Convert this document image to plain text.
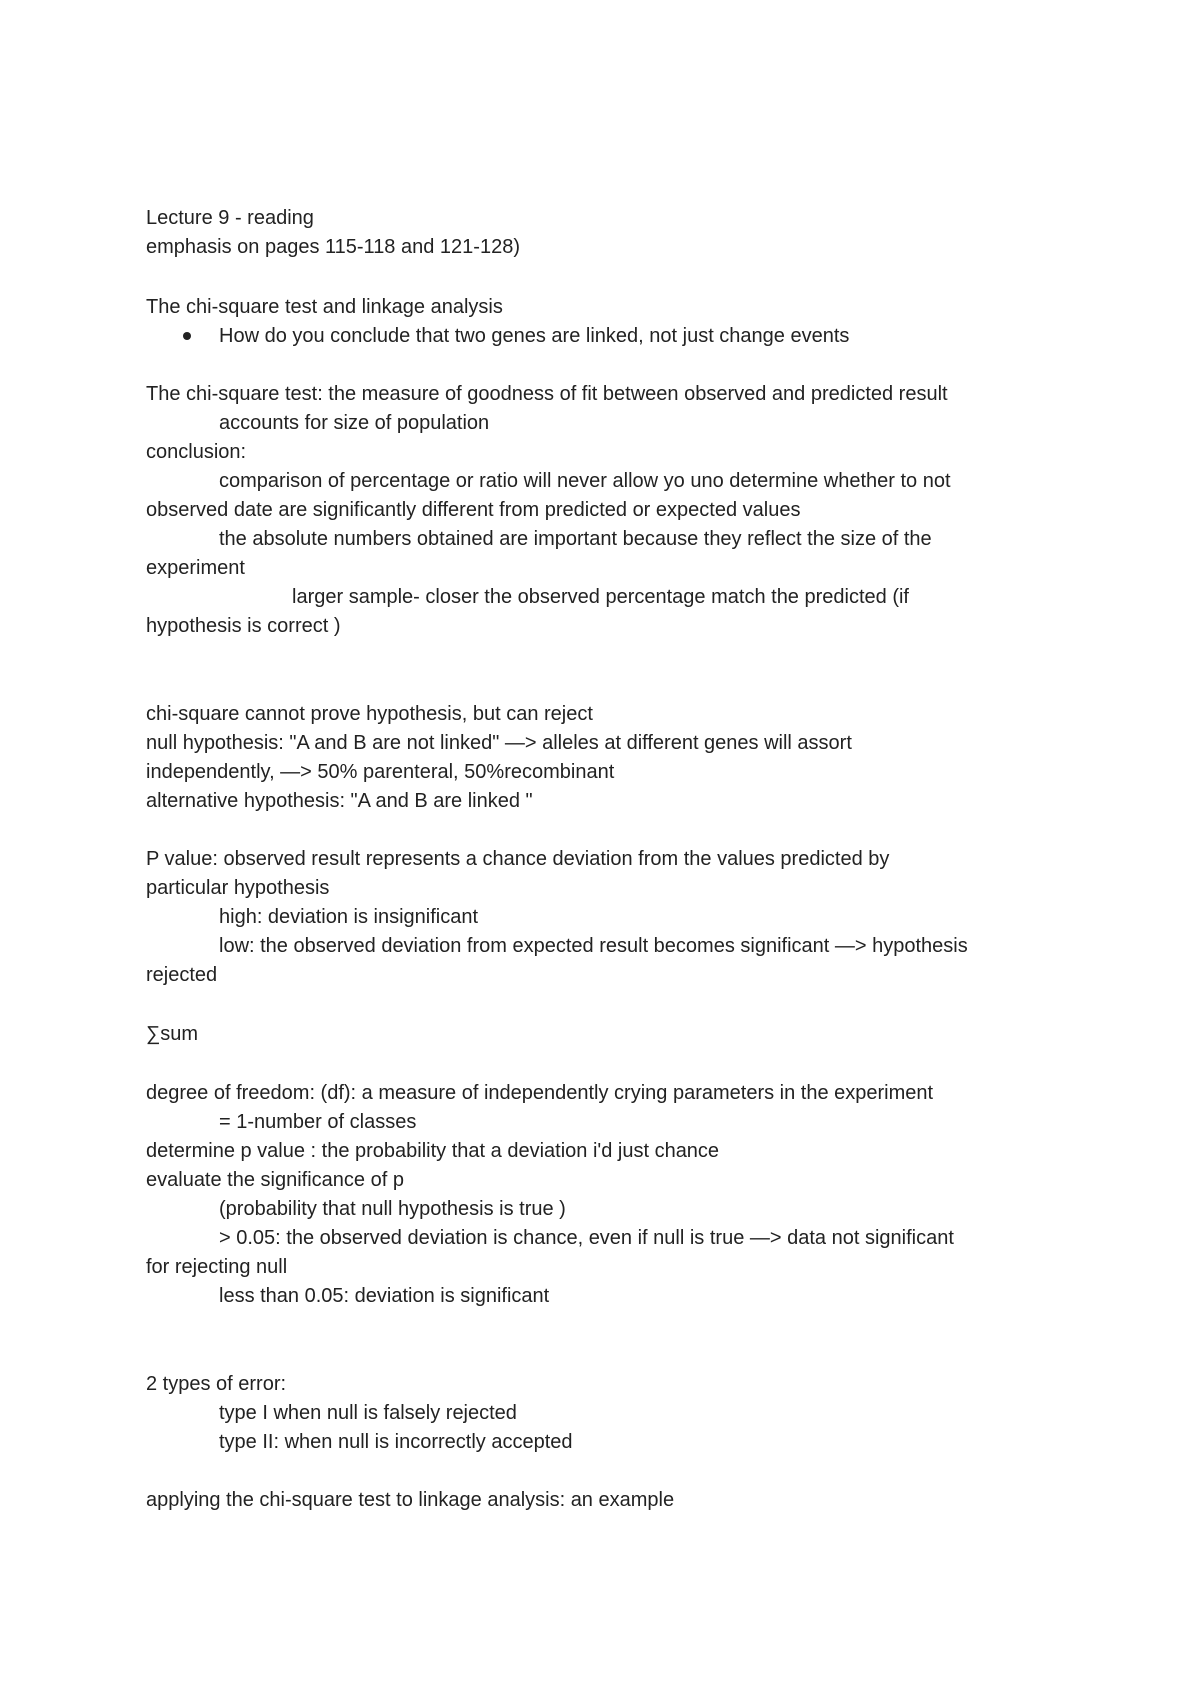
Lecture 9 - reading
emphasis on pages 115-118 and 121-128)
The chi-square test and linkage analysis
How do you conclude that two genes are linked, not just change events
The chi-square test: the measure of goodness of fit between observed and predicted result
accounts for size of population
conclusion:
comparison of percentage or ratio will never allow yo uno determine whether to not
observed date are significantly different from predicted or expected values
the absolute numbers obtained are important because they reflect the size of the
experiment
larger sample- closer the observed percentage match the predicted (if
hypothesis is correct )
chi-square cannot prove hypothesis, but can reject
null hypothesis: "A and B are not linked" —> alleles at different genes will assort
independently, —> 50% parenteral, 50%recombinant
alternative hypothesis: "A and B are linked "
P value: observed result represents a chance deviation from the values predicted by
particular hypothesis
high: deviation is insignificant
low: the observed deviation from expected result becomes significant —> hypothesis
rejected
∑sum
degree of freedom: (df): a measure of independently crying parameters in the experiment
= 1-number of classes
determine p value : the probability that a deviation i'd just chance
evaluate the significance of p
(probability that null hypothesis is true )
> 0.05: the observed deviation is chance, even if null is true —> data not significant
for rejecting null
less than 0.05: deviation is significant
2 types of error:
type I when null is falsely rejected
type II: when null is incorrectly accepted
applying the chi-square test to linkage analysis: an example
